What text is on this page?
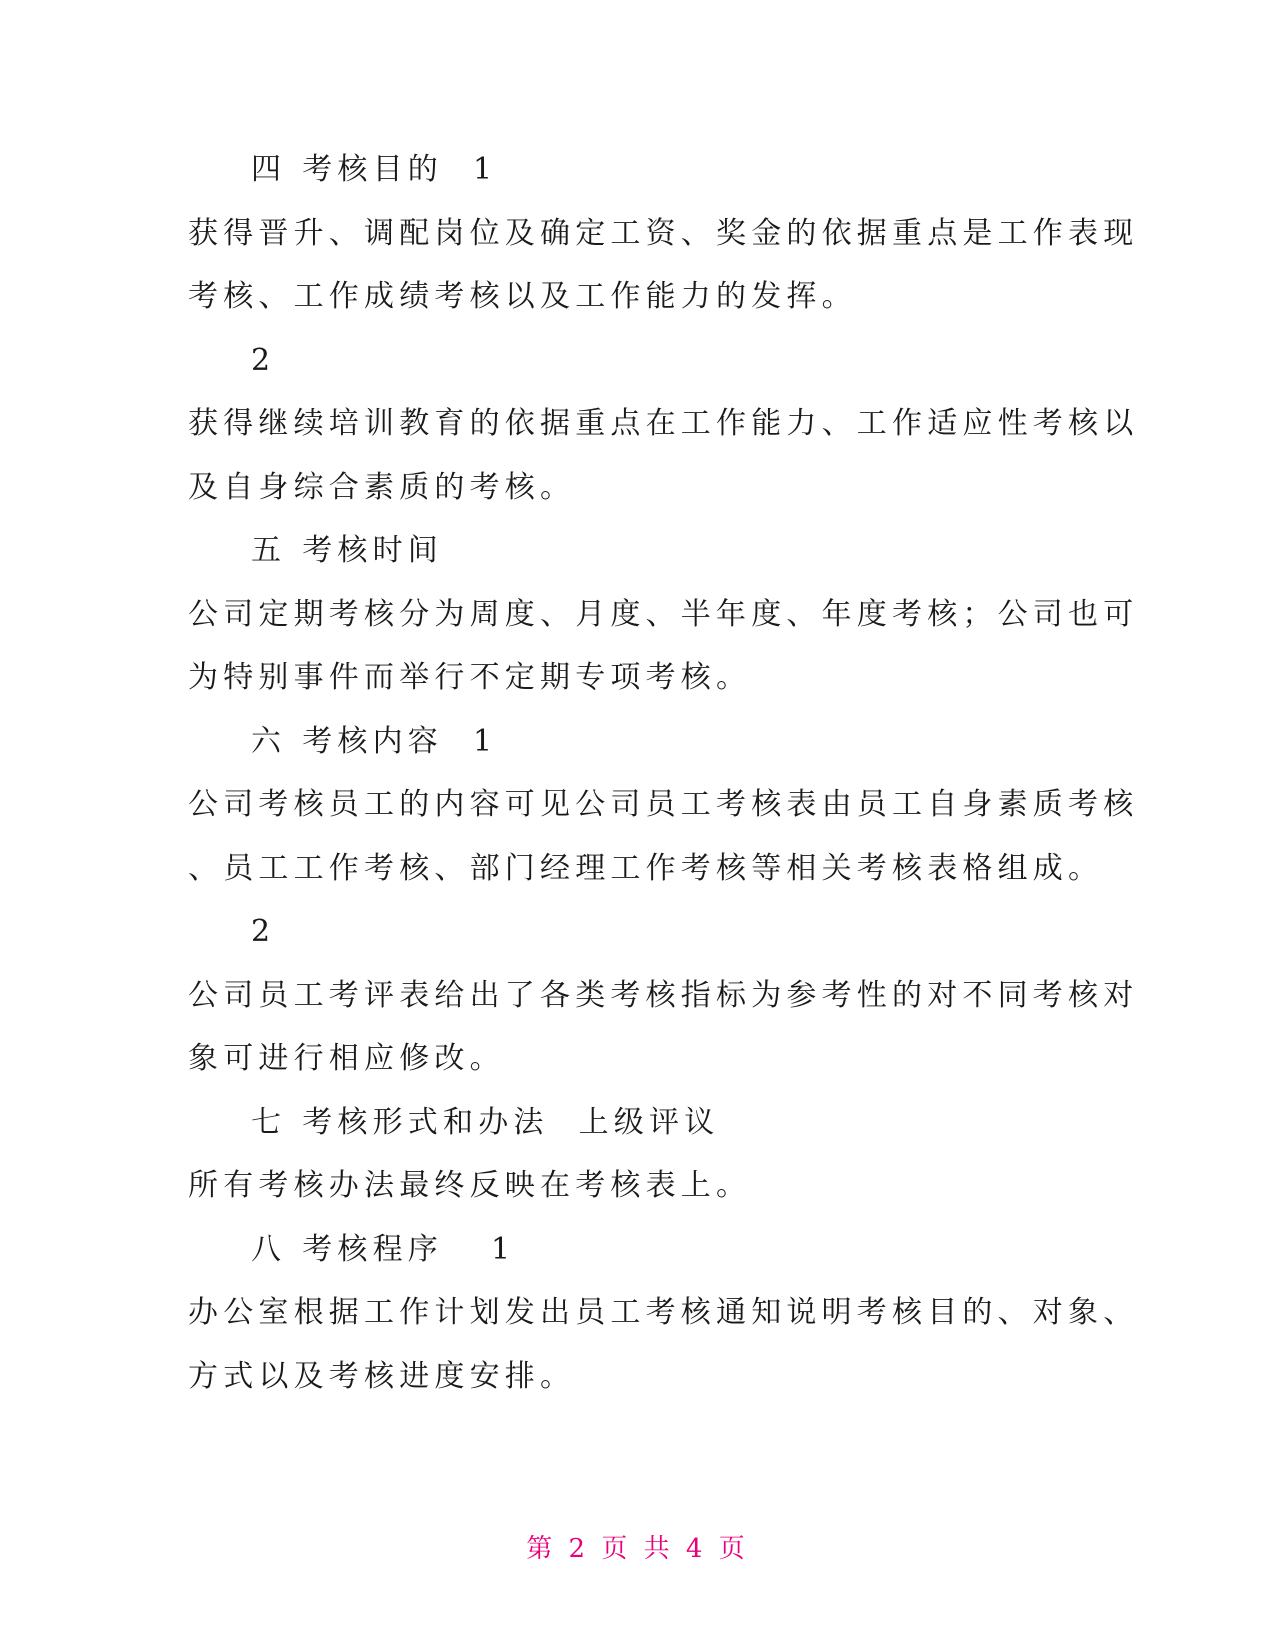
四 考核目的 1
获得晋升、调配岗位及确定工资、奖金的依据重点是工作表现
考核、工作成绩考核以及工作能力的发挥。
2
获得继续培训教育的依据重点在工作能力、工作适应性考核以
及自身综合素质的考核。
五 考核时间
公司定期考核分为周度、月度、半年度、年度考核；公司也可
为特别事件而举行不定期专项考核。
六 考核内容 1
公司考核员工的内容可见公司员工考核表由员工自身素质考核
、员工工作考核、部门经理工作考核等相关考核表格组成。
2
公司员工考评表给出了各类考核指标为参考性的对不同考核对
象可进行相应修改。
七 考核形式和办法 上级评议
所有考核办法最终反映在考核表上。
八 考核程序 1
办公室根据工作计划发出员工考核通知说明考核目的、对象、
方式以及考核进度安排。
第 2 页 共 4 页
